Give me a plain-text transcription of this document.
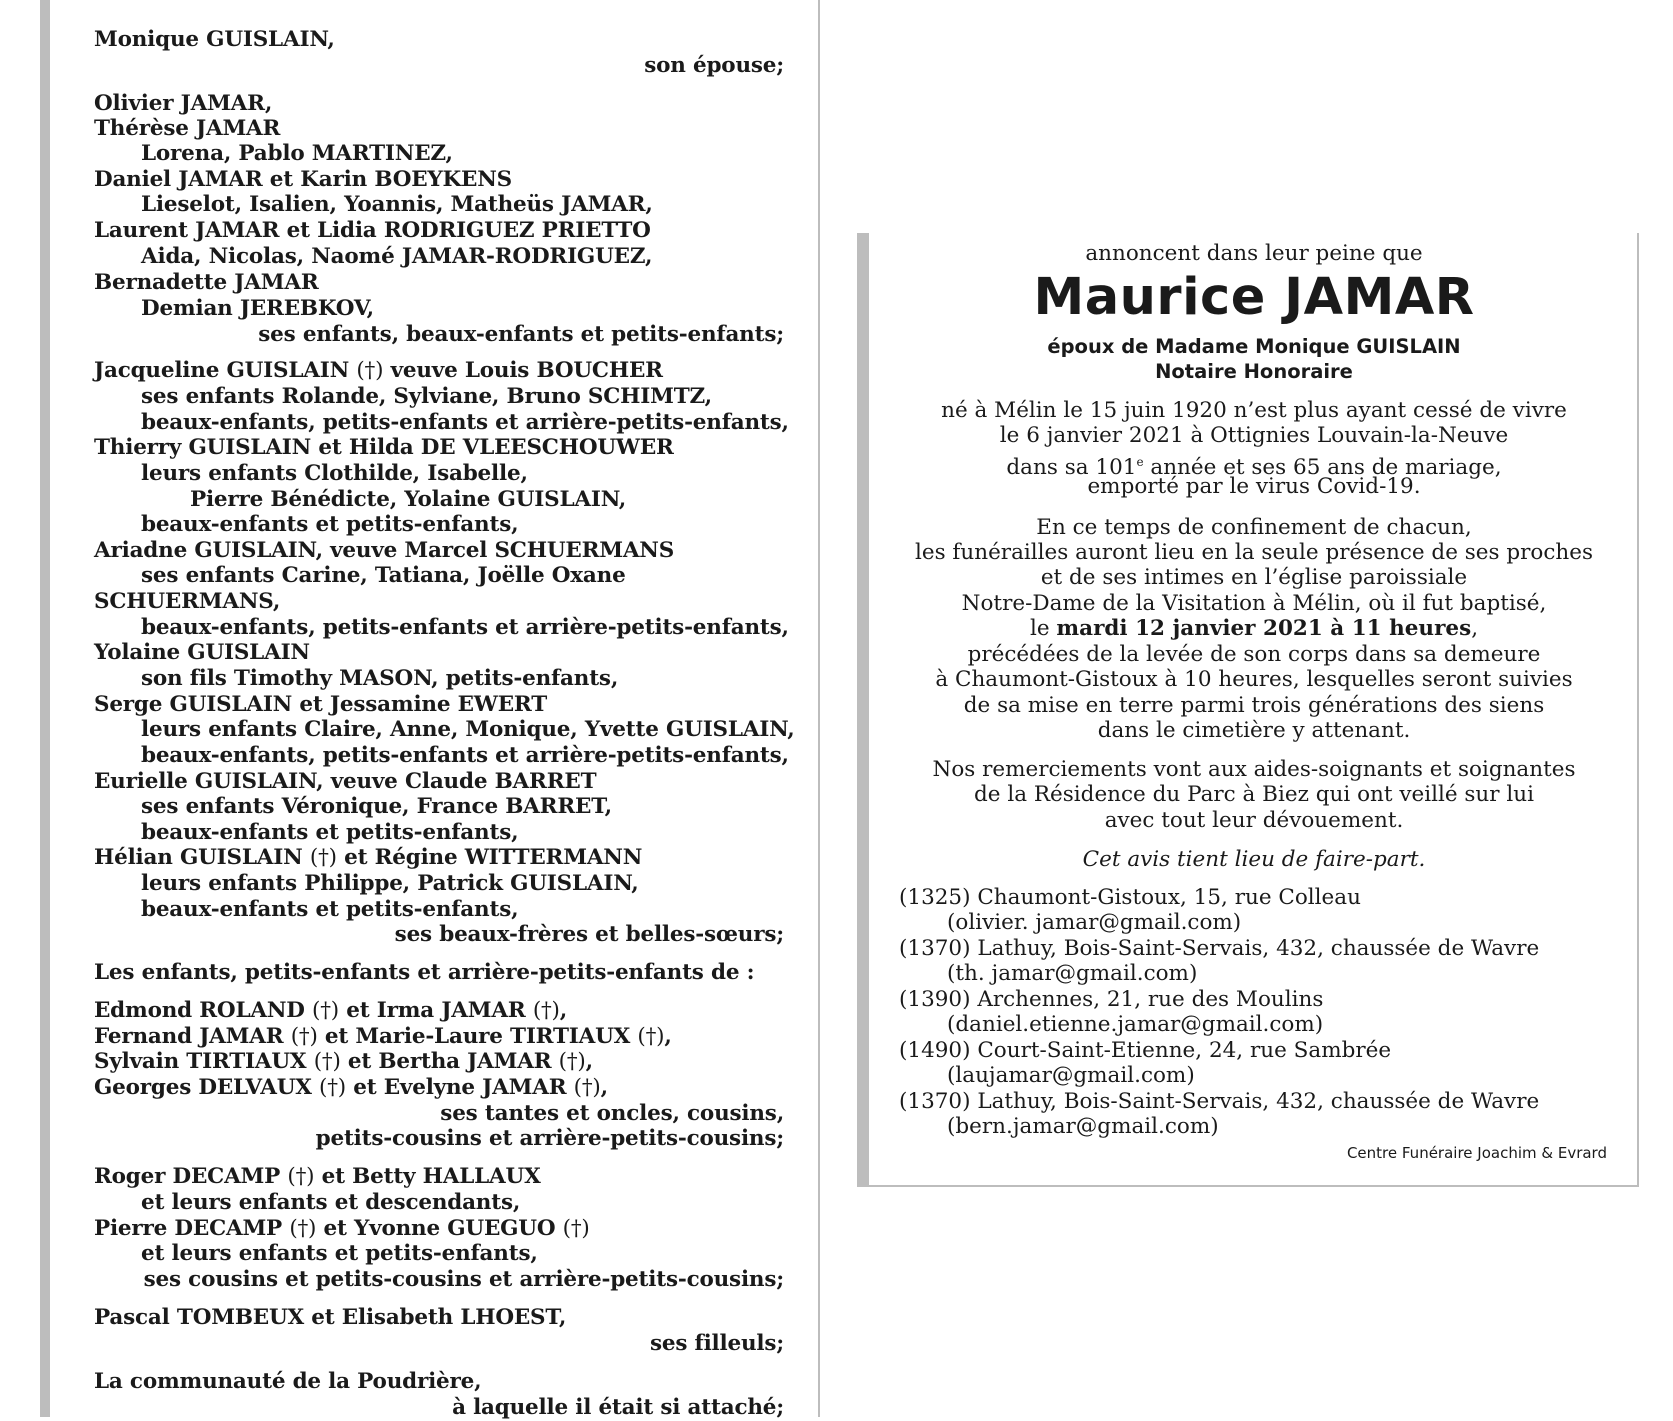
Monique GUISLAIN,
son épouse;
Olivier JAMAR,
Thérèse JAMAR
Lorena, Pablo MARTINEZ,
Daniel JAMAR et Karin BOEYKENS
Lieselot, Isalien, Yoannis, Matheüs JAMAR,
Laurent JAMAR et Lidia RODRIGUEZ PRIETTO
Aida, Nicolas, Naomé JAMAR-RODRIGUEZ,
Bernadette JAMAR
Demian JEREBKOV,
ses enfants, beaux-enfants et petits-enfants;
Jacqueline GUISLAIN (†) veuve Louis BOUCHER
ses enfants Rolande, Sylviane, Bruno SCHIMTZ,
beaux-enfants, petits-enfants et arrière-petits-enfants,
Thierry GUISLAIN et Hilda DE VLEESCHOUWER
leurs enfants Clothilde, Isabelle,
Pierre Bénédicte, Yolaine GUISLAIN,
beaux-enfants et petits-enfants,
Ariadne GUISLAIN, veuve Marcel SCHUERMANS
ses enfants Carine, Tatiana, Joëlle Oxane
SCHUERMANS,
beaux-enfants, petits-enfants et arrière-petits-enfants,
Yolaine GUISLAIN
son fils Timothy MASON, petits-enfants,
Serge GUISLAIN et Jessamine EWERT
leurs enfants Claire, Anne, Monique, Yvette GUISLAIN,
beaux-enfants, petits-enfants et arrière-petits-enfants,
Eurielle GUISLAIN, veuve Claude BARRET
ses enfants Véronique, France BARRET,
beaux-enfants et petits-enfants,
Hélian GUISLAIN (†) et Régine WITTERMANN
leurs enfants Philippe, Patrick GUISLAIN,
beaux-enfants et petits-enfants,
ses beaux-frères et belles-sœurs;
Les enfants, petits-enfants et arrière-petits-enfants de :
Edmond ROLAND (†) et Irma JAMAR (†),
Fernand JAMAR (†) et Marie-Laure TIRTIAUX (†),
Sylvain TIRTIAUX (†) et Bertha JAMAR (†),
Georges DELVAUX (†) et Evelyne JAMAR (†),
ses tantes et oncles, cousins,
petits-cousins et arrière-petits-cousins;
Roger DECAMP (†) et Betty HALLAUX
et leurs enfants et descendants,
Pierre DECAMP (†) et Yvonne GUEGUO (†)
et leurs enfants et petits-enfants,
ses cousins et petits-cousins et arrière-petits-cousins;
Pascal TOMBEUX et Elisabeth LHOEST,
ses filleuls;
La communauté de la Poudrière,
à laquelle il était si attaché;
annoncent dans leur peine que
Maurice JAMAR
époux de Madame Monique GUISLAIN
Notaire Honoraire
né à Mélin le 15 juin 1920 n’est plus ayant cessé de vivre
le 6 janvier 2021 à Ottignies Louvain-la-Neuve
dans sa 101e année et ses 65 ans de mariage,
emporté par le virus Covid-19.
En ce temps de confinement de chacun,
les funérailles auront lieu en la seule présence de ses proches
et de ses intimes en l’église paroissiale
Notre-Dame de la Visitation à Mélin, où il fut baptisé,
le mardi 12 janvier 2021 à 11 heures,
précédées de la levée de son corps dans sa demeure
à Chaumont-Gistoux à 10 heures, lesquelles seront suivies
de sa mise en terre parmi trois générations des siens
dans le cimetière y attenant.
Nos remerciements vont aux aides-soignants et soignantes
de la Résidence du Parc à Biez qui ont veillé sur lui
avec tout leur dévouement.
Cet avis tient lieu de faire-part.
(1325) Chaumont-Gistoux, 15, rue Colleau
(olivier. jamar@gmail.com)
(1370) Lathuy, Bois-Saint-Servais, 432, chaussée de Wavre
(th. jamar@gmail.com)
(1390) Archennes, 21, rue des Moulins
(daniel.etienne.jamar@gmail.com)
(1490) Court-Saint-Etienne, 24, rue Sambrée
(laujamar@gmail.com)
(1370) Lathuy, Bois-Saint-Servais, 432, chaussée de Wavre
(bern.jamar@gmail.com)
Centre Funéraire Joachim & Evrard
